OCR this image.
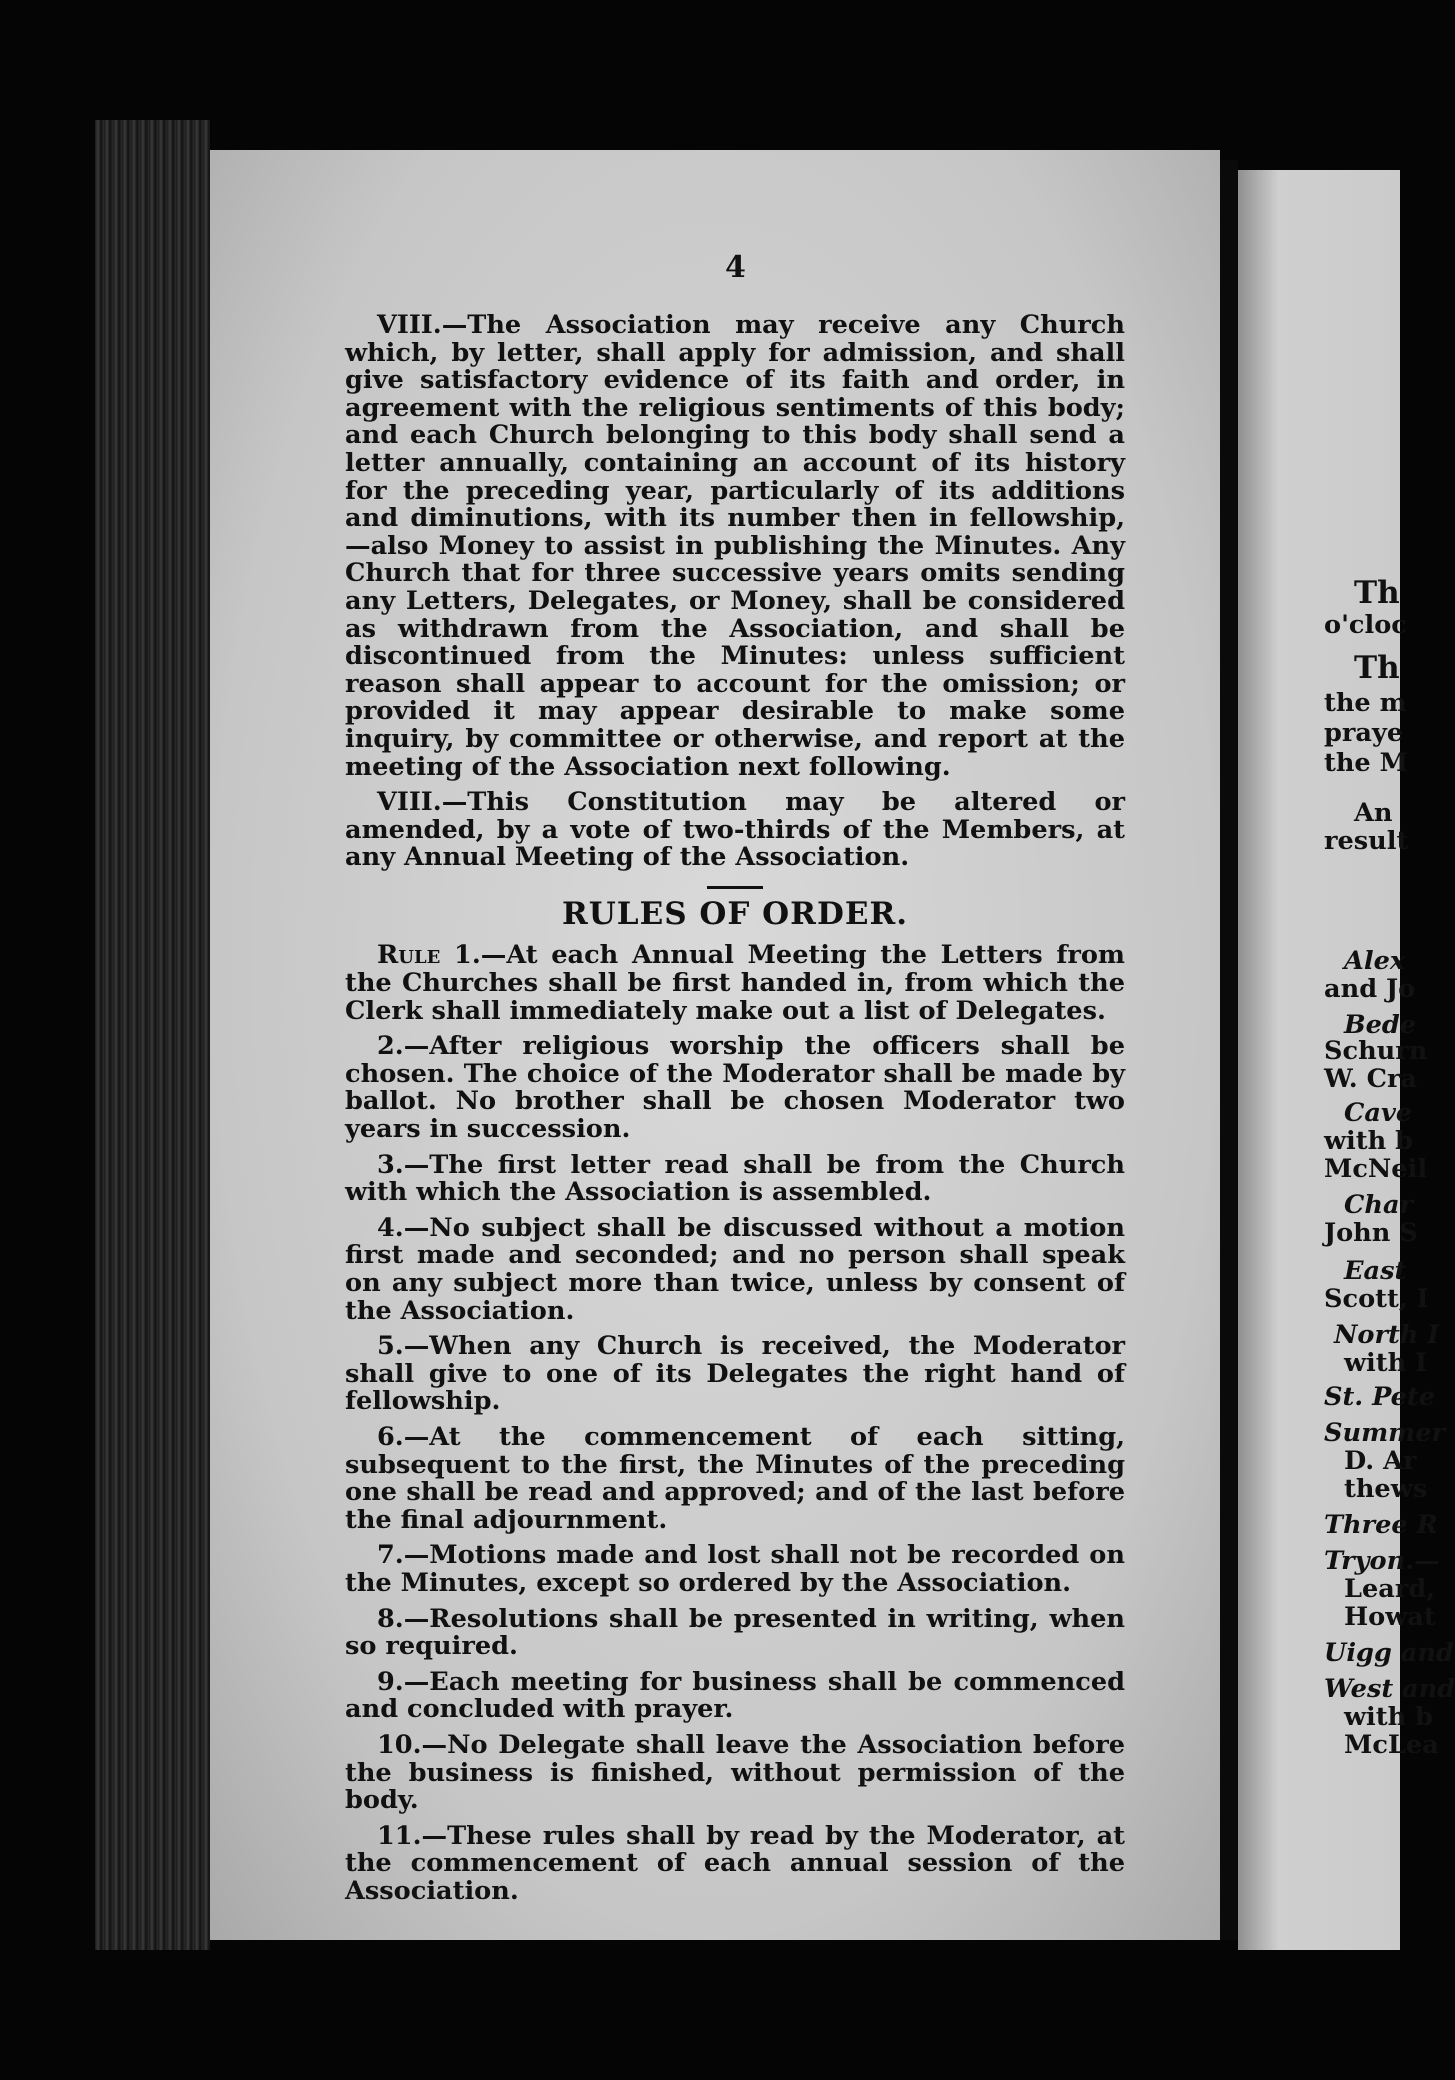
4

VIII.—The Association may receive any Church which, by letter, shall apply for admission, and shall give satisfactory evidence of its faith and order, in agreement with the religious sentiments of this body; and each Church belonging to this body shall send a letter annually, containing an account of its history for the preceding year, particularly of its additions and diminutions, with its number then in fellowship,—also Money to assist in publishing the Minutes. Any Church that for three successive years omits sending any Letters, Delegates, or Money, shall be considered as withdrawn from the Association, and shall be discontinued from the Minutes: unless sufficient reason shall appear to account for the omission; or provided it may appear desirable to make some inquiry, by committee or otherwise, and report at the meeting of the Association next following.

VIII.—This Constitution may be altered or amended, by a vote of two-thirds of the Members, at any Annual Meeting of the Association.

RULES OF ORDER.

Rule 1.—At each Annual Meeting the Letters from the Churches shall be first handed in, from which the Clerk shall immediately make out a list of Delegates.

2.—After religious worship the officers shall be chosen. The choice of the Moderator shall be made by ballot. No brother shall be chosen Moderator two years in succession.

3.—The first letter read shall be from the Church with which the Association is assembled.

4.—No subject shall be discussed without a motion first made and seconded; and no person shall speak on any subject more than twice, unless by consent of the Association.

5.—When any Church is received, the Moderator shall give to one of its Delegates the right hand of fellowship.

6.—At the commencement of each sitting, subsequent to the first, the Minutes of the preceding one shall be read and approved; and of the last before the final adjournment.

7.—Motions made and lost shall not be recorded on the Minutes, except so ordered by the Association.

8.—Resolutions shall be presented in writing, when so required.

9.—Each meeting for business shall be commenced and concluded with prayer.

10.—No Delegate shall leave the Association before the business is finished, without permission of the body.

11.—These rules shall by read by the Moderator, at the commencement of each annual session of the Association.

Th
o'cloc
Th
the m
praye
the M
An
result
Alex
and Jo
Bede
Schurn
W. Cra
Cave
with b
McNeil
Char
John S
East
Scott, I
North I
with I
St. Pete
Summer
D. Ar
thews
Three R
Tryon.—
Leard,
Howat
Uigg and
West and
with b
McLea
